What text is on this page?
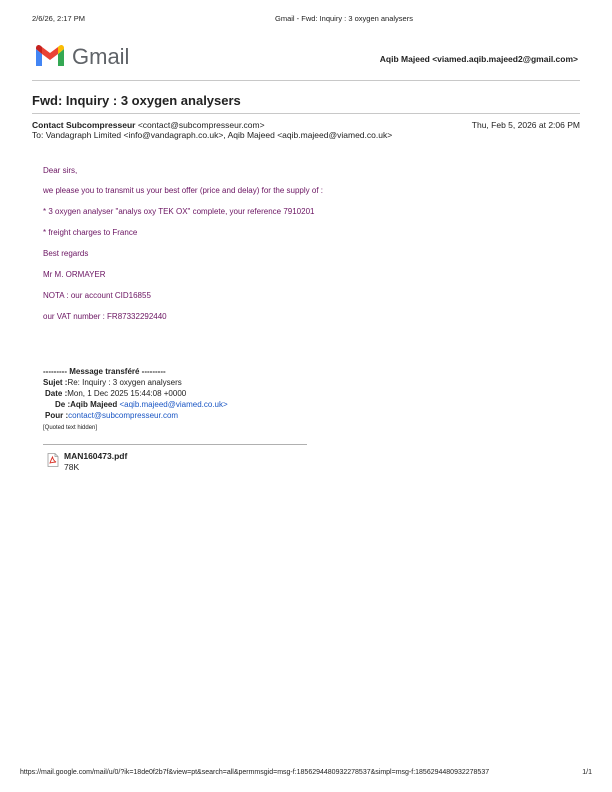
2/6/26, 2:17 PM	Gmail - Fwd: Inquiry : 3 oxygen analysers
Gmail	Aqib Majeed <viamed.aqib.majeed2@gmail.com>
Fwd: Inquiry : 3 oxygen analysers
Contact Subcompresseur <contact@subcompresseur.com>	Thu, Feb 5, 2026 at 2:06 PM
To: Vandagraph Limited <info@vandagraph.co.uk>, Aqib Majeed <aqib.majeed@viamed.co.uk>
Dear sirs,
we please you to transmit us your best offer (price and delay) for the supply of :
* 3 oxygen analyser "analys oxy TEK OX" complete, your reference 7910201
* freight charges to France
Best regards
Mr M. ORMAYER
NOTA : our account CID16855
our VAT number : FR87332292440
--------- Message transféré ---------
Sujet :Re: Inquiry : 3 oxygen analysers
Date :Mon, 1 Dec 2025 15:44:08 +0000
De :Aqib Majeed <aqib.majeed@viamed.co.uk>
Pour :contact@subcompresseur.com
[Quoted text hidden]
MAN160473.pdf
78K
https://mail.google.com/mail/u/0/?ik=18de0f2b7f&view=pt&search=all&permmsgid=msg-f:1856294480932278537&simpl=msg-f:1856294480932278537	1/1
